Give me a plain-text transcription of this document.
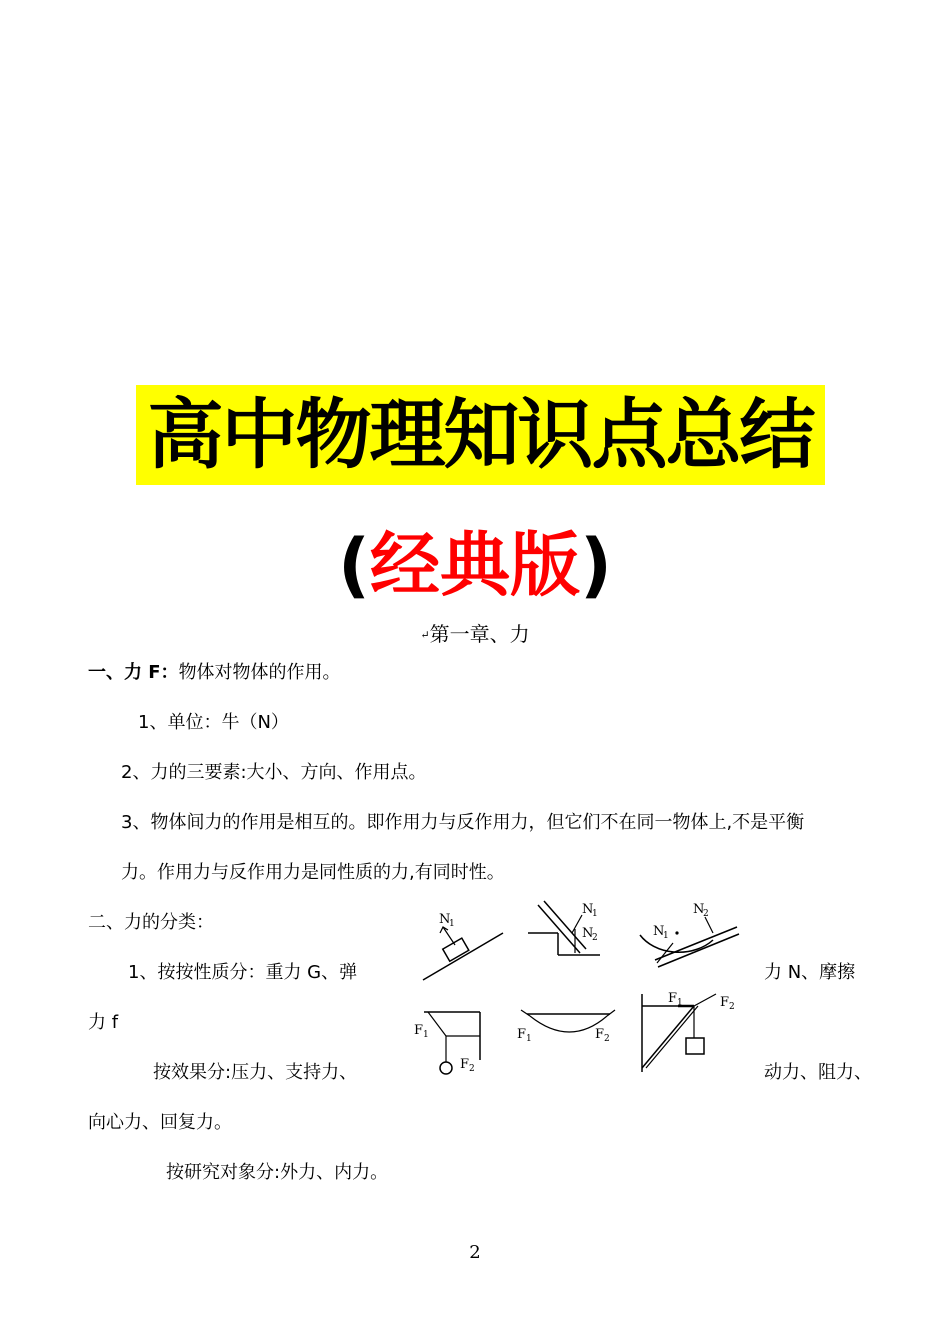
高中物理知识点总结
(经典版)
↵第一章、力
一、力 F：物体对物体的作用。
1、单位：牛（N）
2、力的三要素:大小、方向、作用点。
3、物体间力的作用是相互的。即作用力与反作用力，但它们不在同一物体上,不是平衡
力。作用力与反作用力是同性质的力,有同时性。
二、力的分类：
1、按按性质分：重力 G、弹	力 N、摩擦
力 f
按效果分:压力、支持力、	动力、阻力、
向心力、回复力。
按研究对象分:外力、内力。
N
1
N
1
N
2	N
1
N
2
F 1
F 2
F 1	F 2
F 1	F 2
2
